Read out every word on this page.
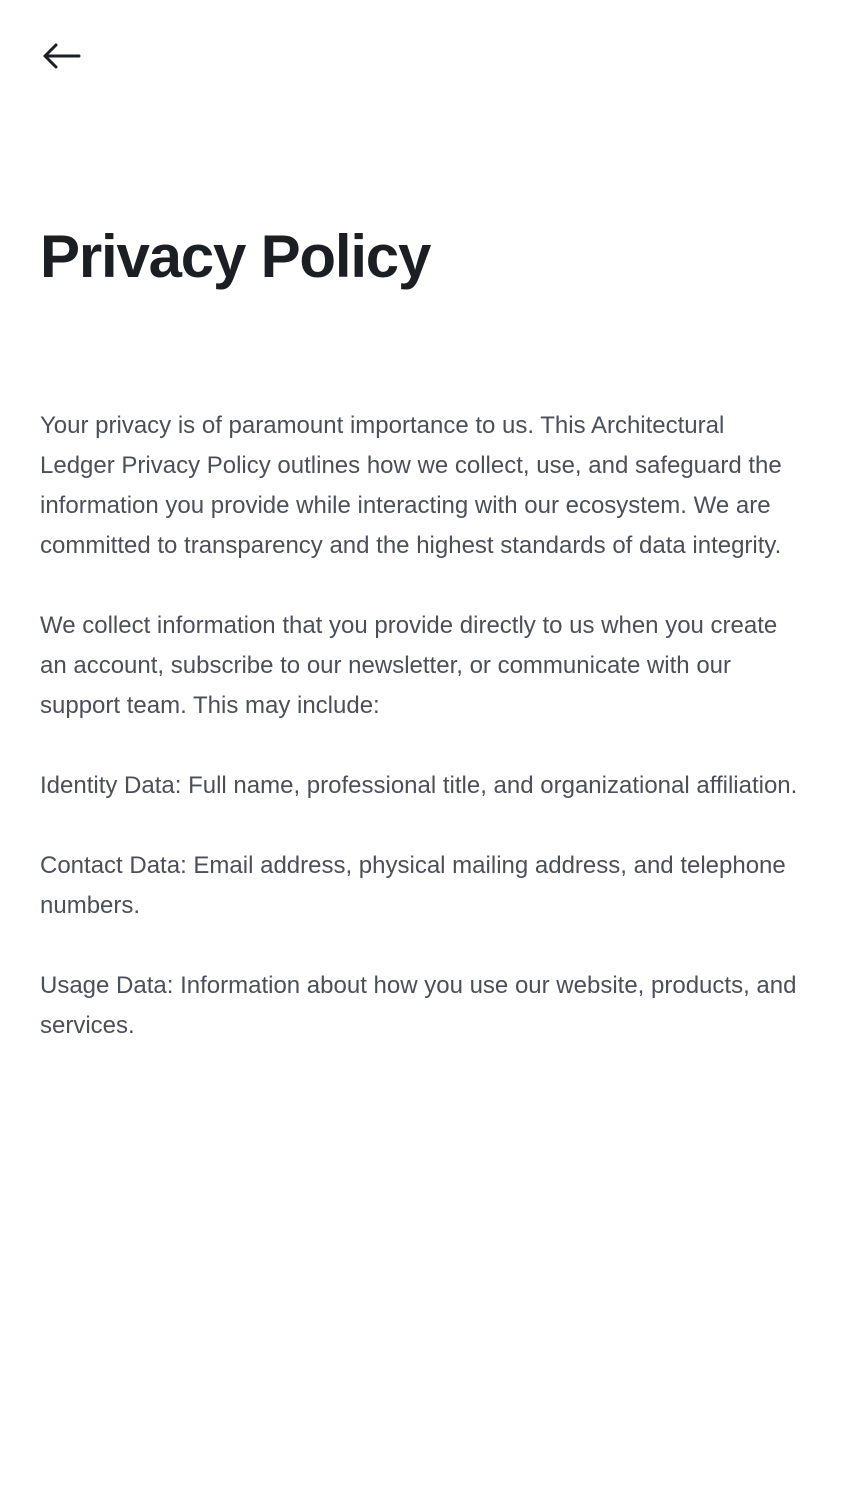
Privacy Policy

Your privacy is of paramount importance to us. This Architectural Ledger Privacy Policy outlines how we collect, use, and safeguard the information you provide while interacting with our ecosystem. We are committed to transparency and the highest standards of data integrity.

We collect information that you provide directly to us when you create an account, subscribe to our newsletter, or communicate with our support team. This may include:

Identity Data: Full name, professional title, and organizational affiliation.

Contact Data: Email address, physical mailing address, and telephone numbers.

Usage Data: Information about how you use our website, products, and services.
